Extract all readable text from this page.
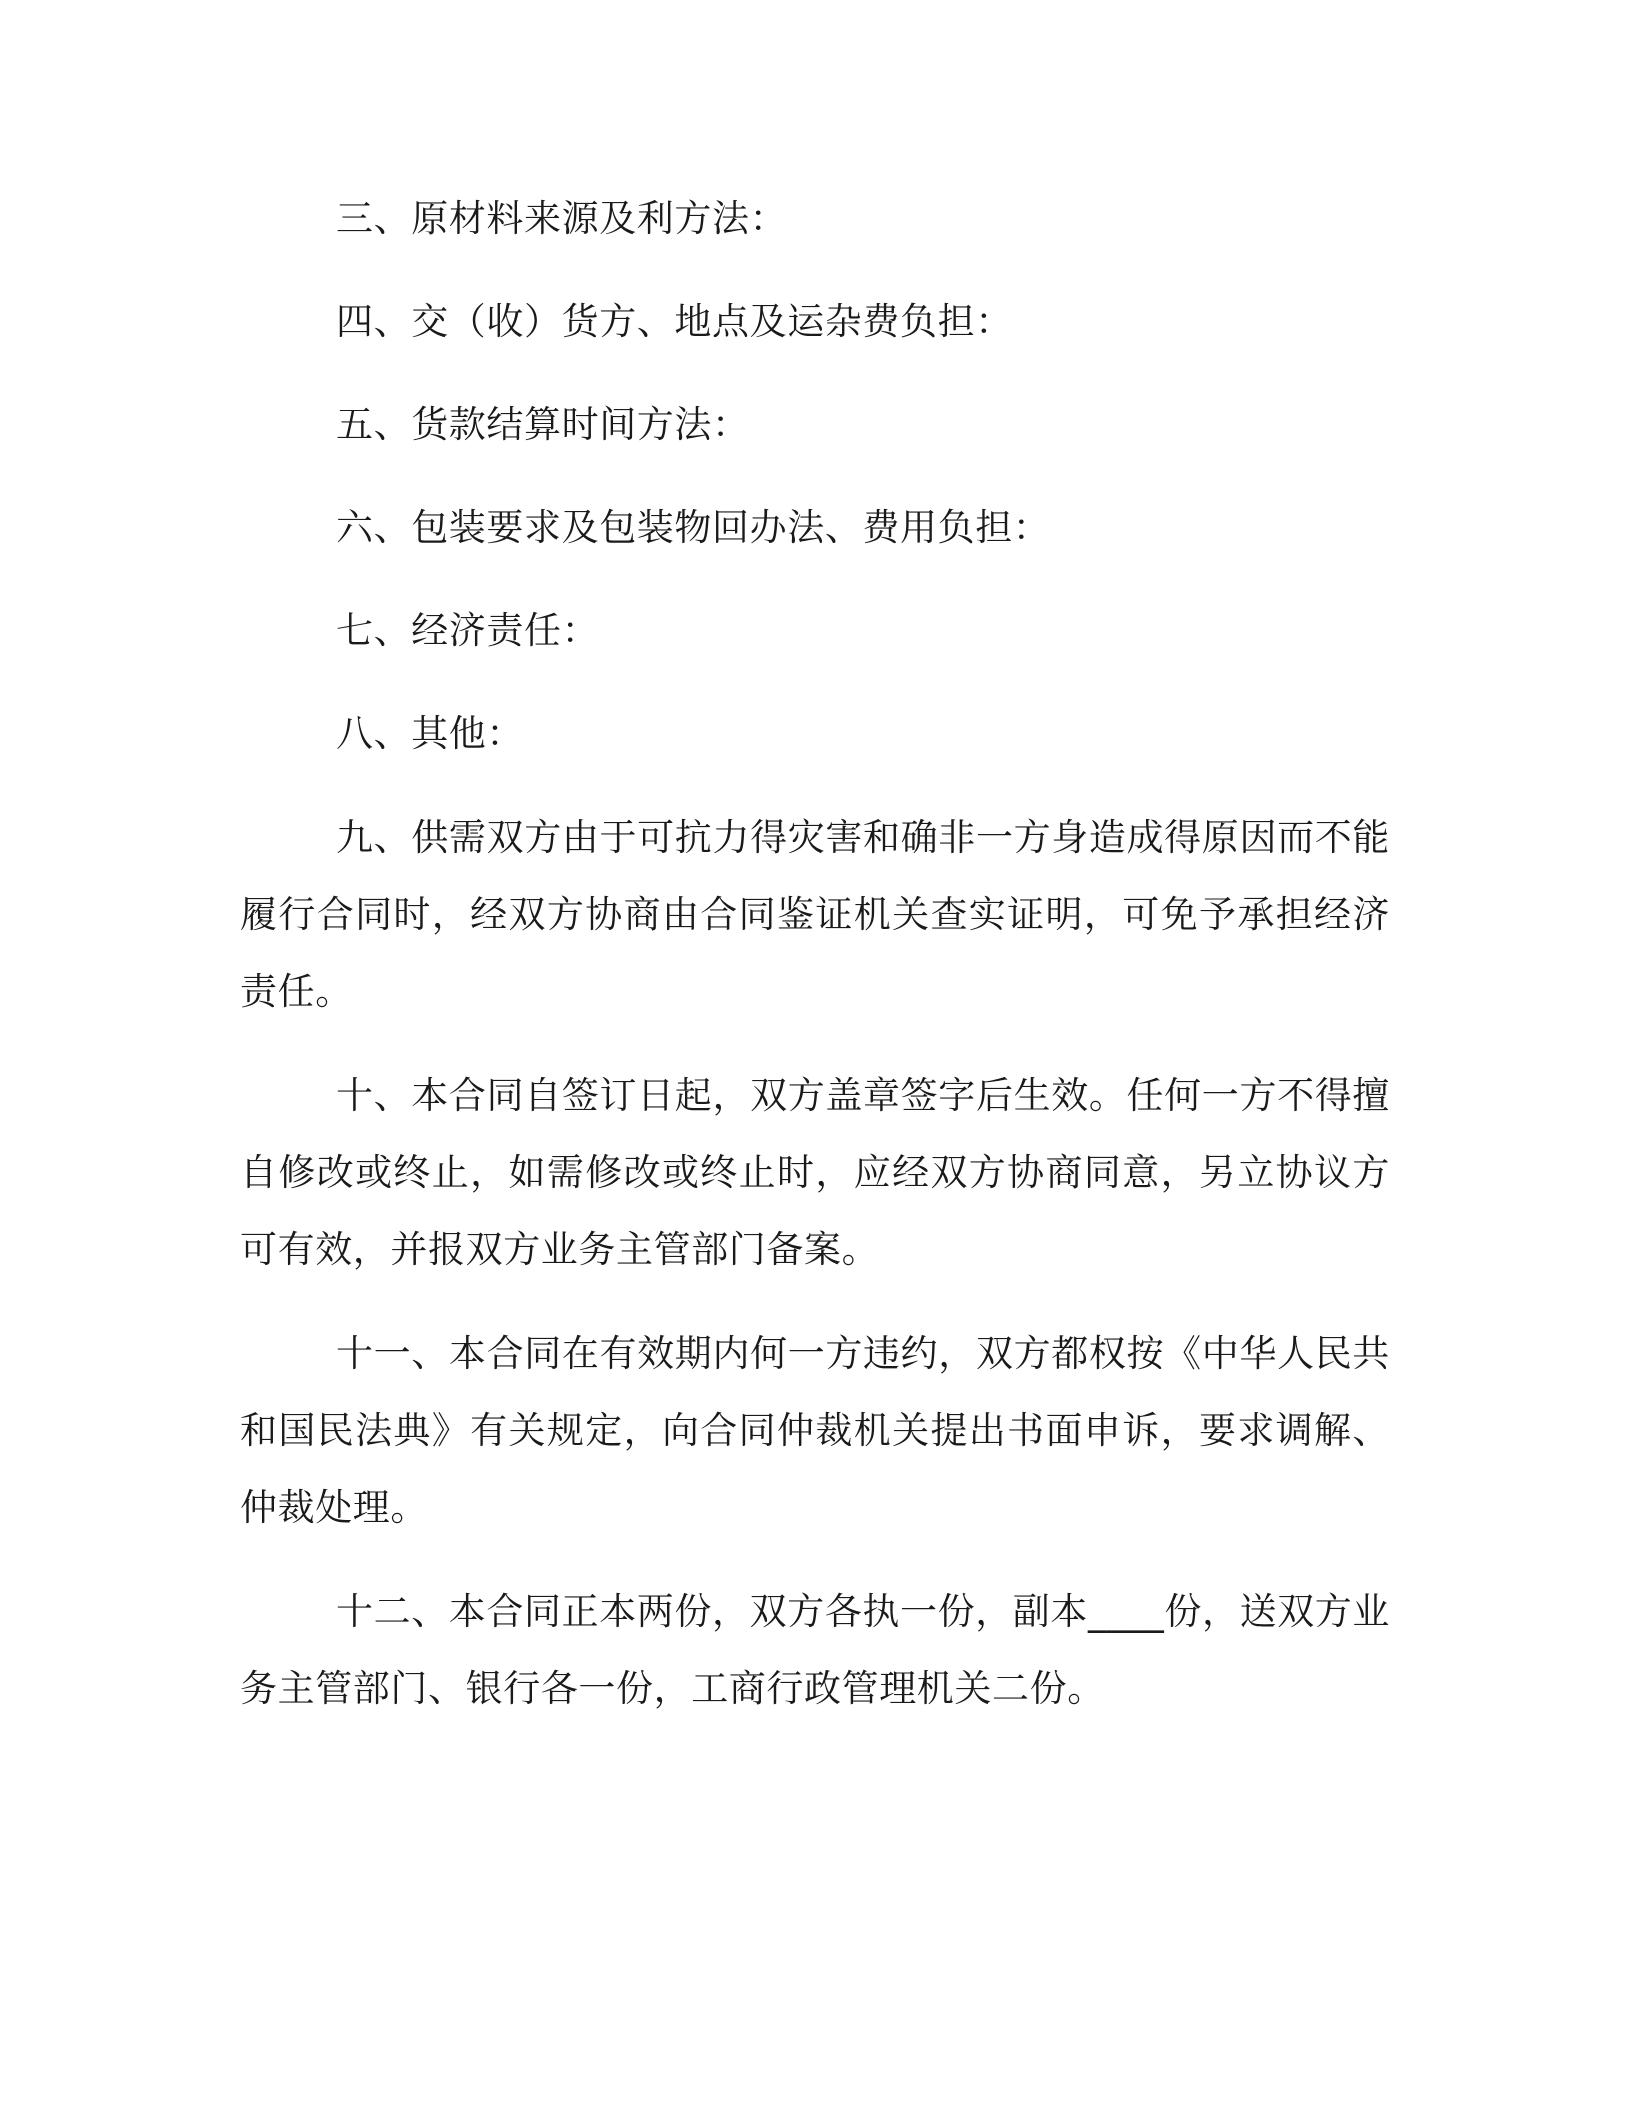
三、原材料来源及利方法：

四、交（收）货方、地点及运杂费负担：

五、货款结算时间方法：

六、包装要求及包装物回办法、费用负担：

七、经济责任：

八、其他：

九、供需双方由于可抗力得灾害和确非一方身造成得原因而不能履行合同时，经双方协商由合同鉴证机关查实证明，可免予承担经济责任。

十、本合同自签订日起，双方盖章签字后生效。任何一方不得擅自修改或终止，如需修改或终止时，应经双方协商同意，另立协议方可有效，并报双方业务主管部门备案。

十一、本合同在有效期内何一方违约，双方都权按《中华人民共和国民法典》有关规定，向合同仲裁机关提出书面申诉，要求调解、仲裁处理。

十二、本合同正本两份，双方各执一份，副本____份，送双方业务主管部门、银行各一份，工商行政管理机关二份。
